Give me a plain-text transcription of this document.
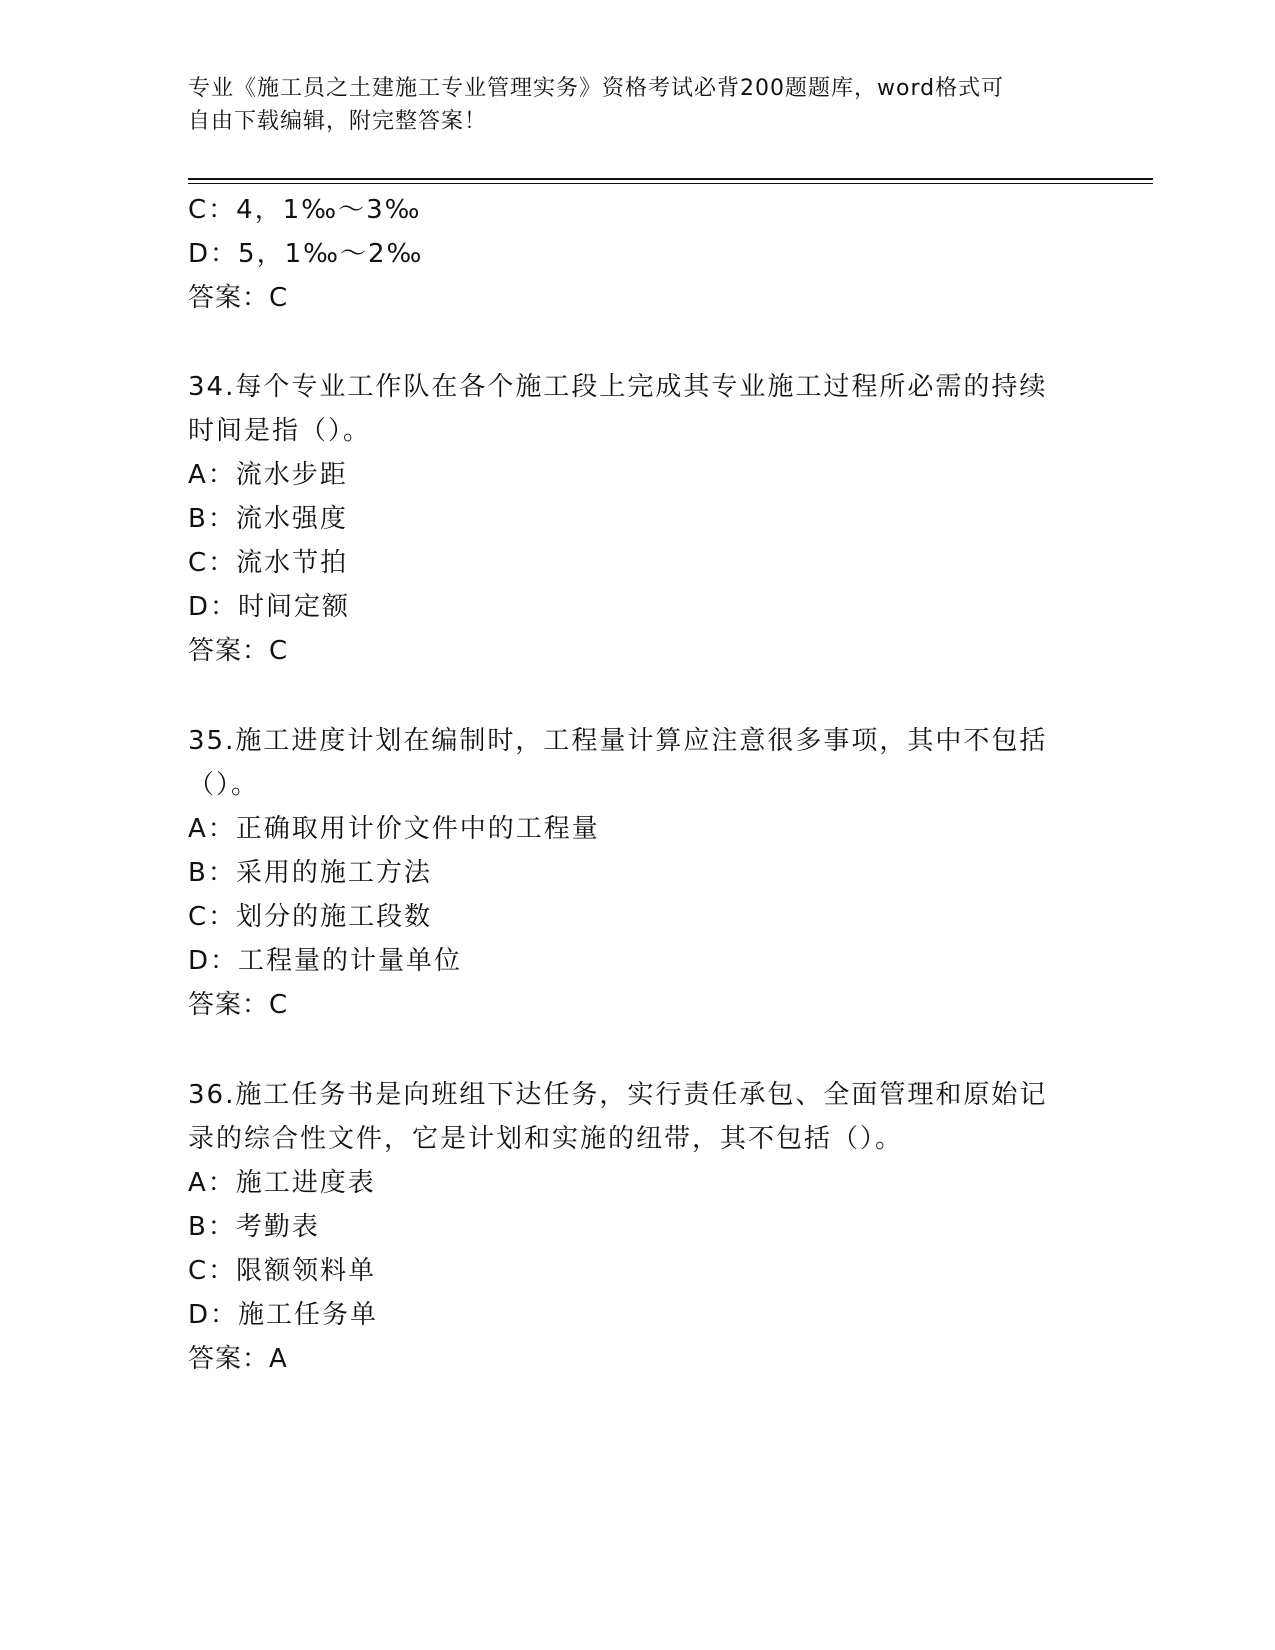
专业《施工员之土建施工专业管理实务》资格考试必背200题题库，word格式可
自由下载编辑，附完整答案！
C：4，1‰～3‰
D：5，1‰～2‰
答案：C
34.每个专业工作队在各个施工段上完成其专业施工过程所必需的持续
时间是指（）。
A：流水步距
B：流水强度
C：流水节拍
D：时间定额
答案：C
35.施工进度计划在编制时，工程量计算应注意很多事项，其中不包括
（）。
A：正确取用计价文件中的工程量
B：采用的施工方法
C：划分的施工段数
D：工程量的计量单位
答案：C
36.施工任务书是向班组下达任务，实行责任承包、全面管理和原始记
录的综合性文件，它是计划和实施的纽带，其不包括（）。
A：施工进度表
B：考勤表
C：限额领料单
D：施工任务单
答案：A
